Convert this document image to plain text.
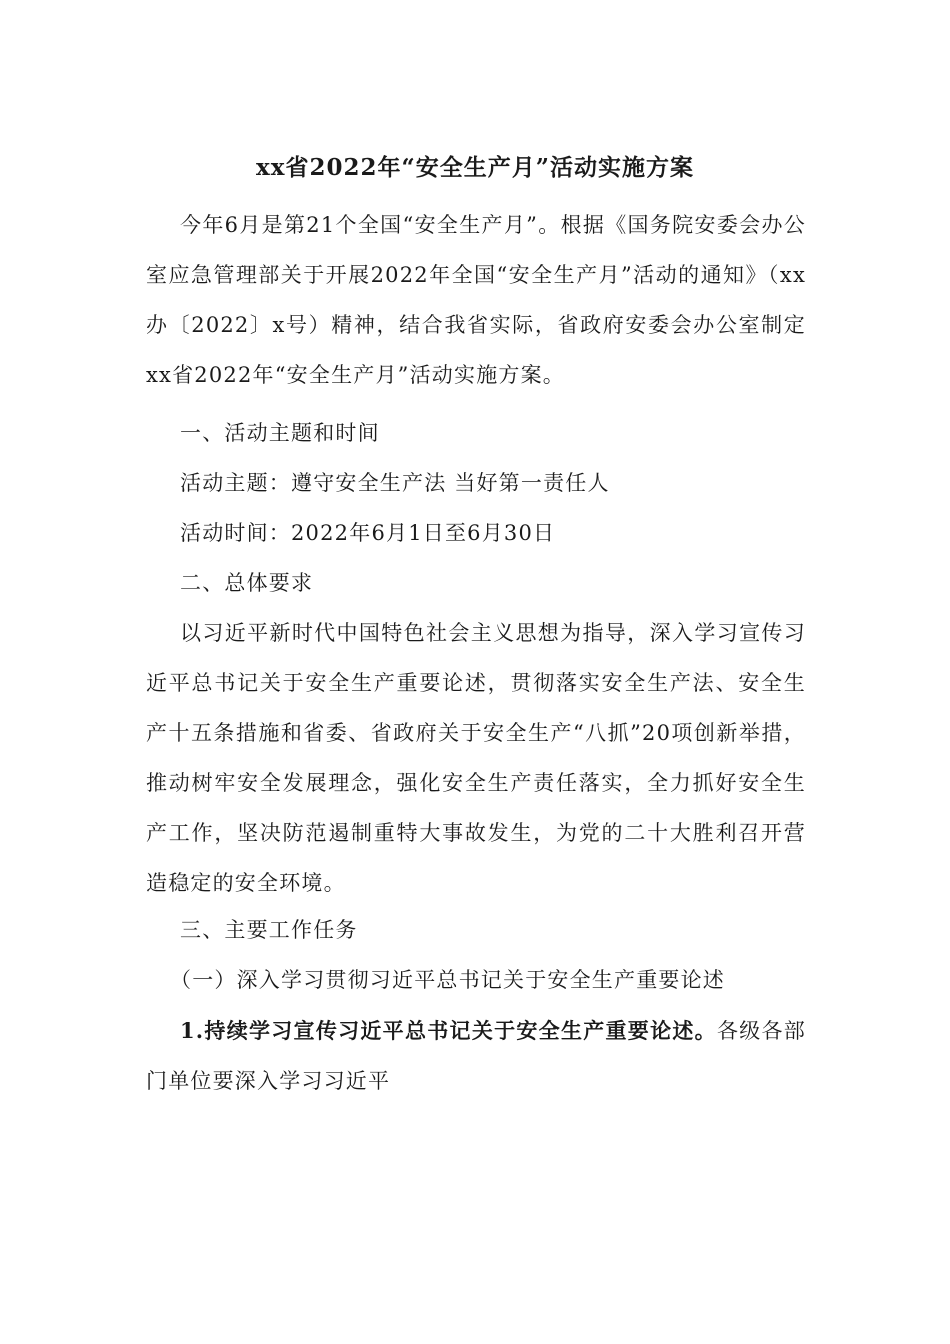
xx省2022年“安全生产月”活动实施方案

今年6月是第21个全国“安全生产月”。根据《国务院安委会办公室应急管理部关于开展2022年全国“安全生产月”活动的通知》（xx办〔2022〕x号）精神，结合我省实际，省政府安委会办公室制定xx省2022年“安全生产月”活动实施方案。

一、活动主题和时间

活动主题：遵守安全生产法 当好第一责任人

活动时间：2022年6月1日至6月30日

二、总体要求

以习近平新时代中国特色社会主义思想为指导，深入学习宣传习近平总书记关于安全生产重要论述，贯彻落实安全生产法、安全生产十五条措施和省委、省政府关于安全生产“八抓”20项创新举措，推动树牢安全发展理念，强化安全生产责任落实，全力抓好安全生产工作，坚决防范遏制重特大事故发生，为党的二十大胜利召开营造稳定的安全环境。

三、主要工作任务

（一）深入学习贯彻习近平总书记关于安全生产重要论述

1.持续学习宣传习近平总书记关于安全生产重要论述。各级各部门单位要深入学习习近平
